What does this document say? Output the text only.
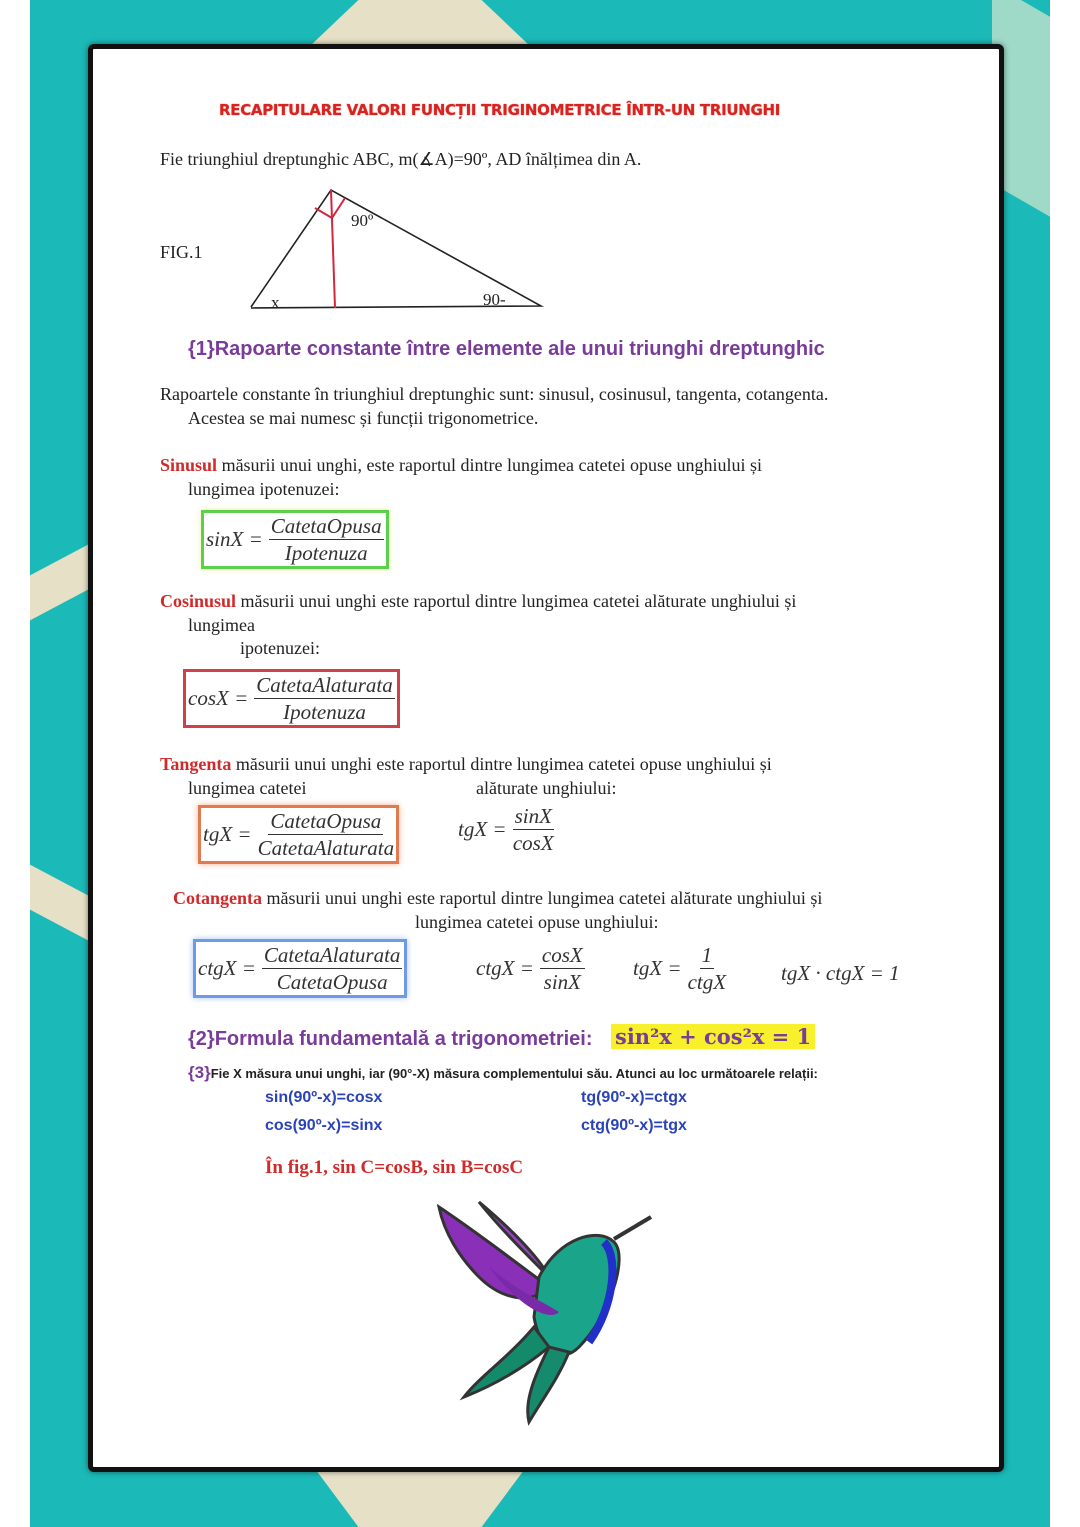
RECAPITULARE VALORI FUNCȚII TRIGINOMETRICE ÎNTR-UN TRIUNGHI
Fie triunghiul dreptunghic ABC, m(∡A)=90º, AD înălțimea din A.
FIG.1
90º
x	90-
{1}Rapoarte constante între elemente ale unui triunghi dreptunghic
Rapoartele constante în triunghiul dreptunghic sunt: sinusul, cosinusul, tangenta, cotangenta.
Acestea se mai numesc și funcții trigonometrice.
Sinusul măsurii unui unghi, este raportul dintre lungimea catetei opuse unghiului și
lungimea ipotenuzei:
$\sin X = \frac{\text{CatetaOpusa}}{\text{Ipotenuza}}$
Cosinusul măsurii unui unghi este raportul dintre lungimea catetei alăturate unghiului și
lungimea
ipotenuzei:
$\cos X = \frac{\text{CatetaAlaturata}}{\text{Ipotenuza}}$
Tangenta măsurii unui unghi este raportul dintre lungimea catetei opuse unghiului și
lungimea catetei	alăturate unghiului:
tgX = $\frac{\text{CatetaOpusa}}{\text{CatetaAlaturata}}$	tgX = $\frac{\sin X}{\cos X}$
Cotangenta măsurii unui unghi este raportul dintre lungimea catetei alăturate unghiului și
lungimea catetei opuse unghiului:
ctgX = $\frac{\text{CatetaAlaturata}}{\text{CatetaOpusa}}$	ctgX = $\frac{\cos X}{\sin X}$ tgX = $\frac{1}{\text{ctgX}}$	tgX · ctgX = 1
{2}Formula fundamentală a trigonometriei: sin²x + cos²x = 1
{3}Fie X măsura unui unghi, iar (90°-X) măsura complementului său. Atunci au loc următoarele relații:
sin(90º-x)=cosx	tg(90º-x)=ctgx
cos(90º-x)=sinx	ctg(90º-x)=tgx
În fig.1, sin C=cosB, sin B=cosC
